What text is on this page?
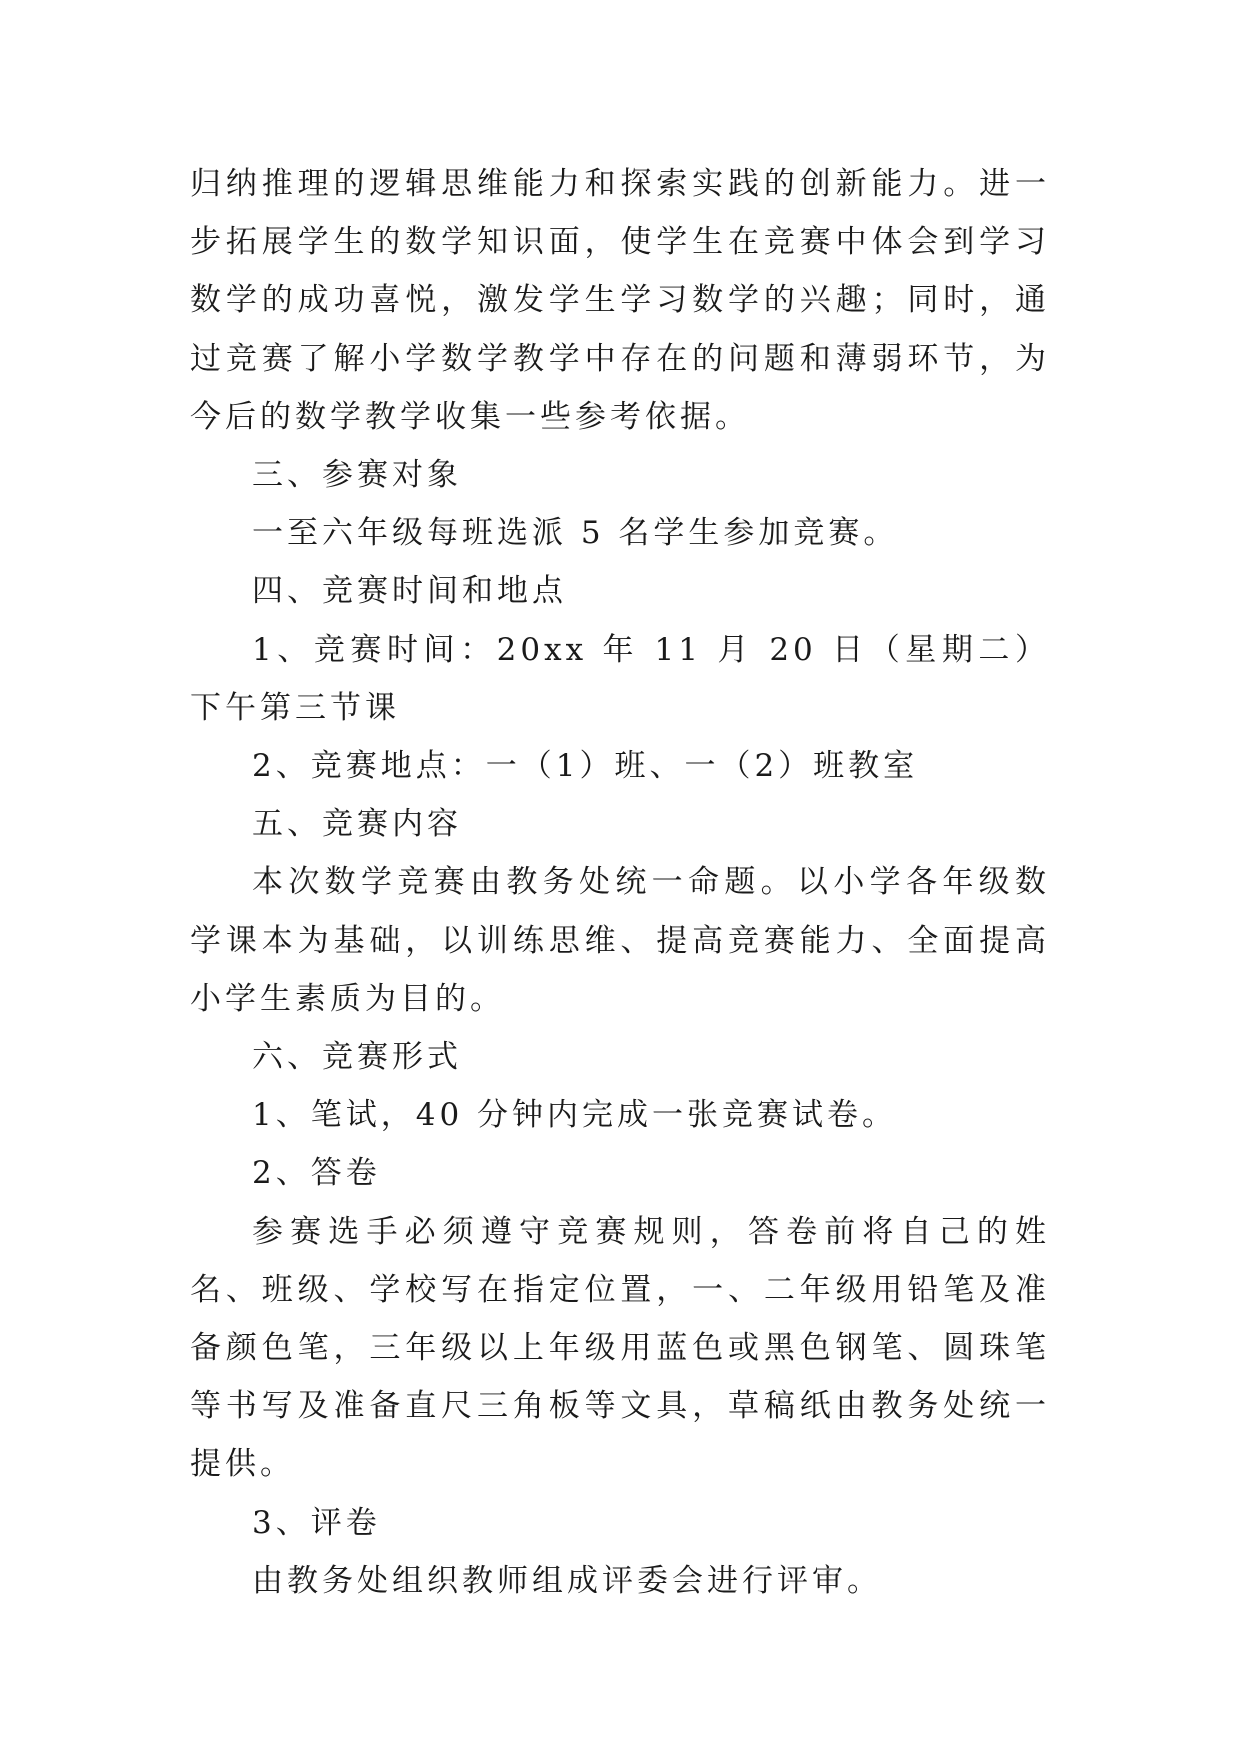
归纳推理的逻辑思维能力和探索实践的创新能力。进一步拓展学生的数学知识面，使学生在竞赛中体会到学习数学的成功喜悦，激发学生学习数学的兴趣；同时，通过竞赛了解小学数学教学中存在的问题和薄弱环节，为今后的数学教学收集一些参考依据。

三、参赛对象

一至六年级每班选派 5 名学生参加竞赛。

四、竞赛时间和地点

1、竞赛时间：20xx 年 11 月 20 日（星期二）下午第三节课

2、竞赛地点：一（1）班、一（2）班教室

五、竞赛内容

本次数学竞赛由教务处统一命题。以小学各年级数学课本为基础，以训练思维、提高竞赛能力、全面提高小学生素质为目的。

六、竞赛形式

1、笔试，40 分钟内完成一张竞赛试卷。

2、答卷

参赛选手必须遵守竞赛规则，答卷前将自己的姓名、班级、学校写在指定位置，一、二年级用铅笔及准备颜色笔，三年级以上年级用蓝色或黑色钢笔、圆珠笔等书写及准备直尺三角板等文具，草稿纸由教务处统一提供。

3、评卷

由教务处组织教师组成评委会进行评审。
